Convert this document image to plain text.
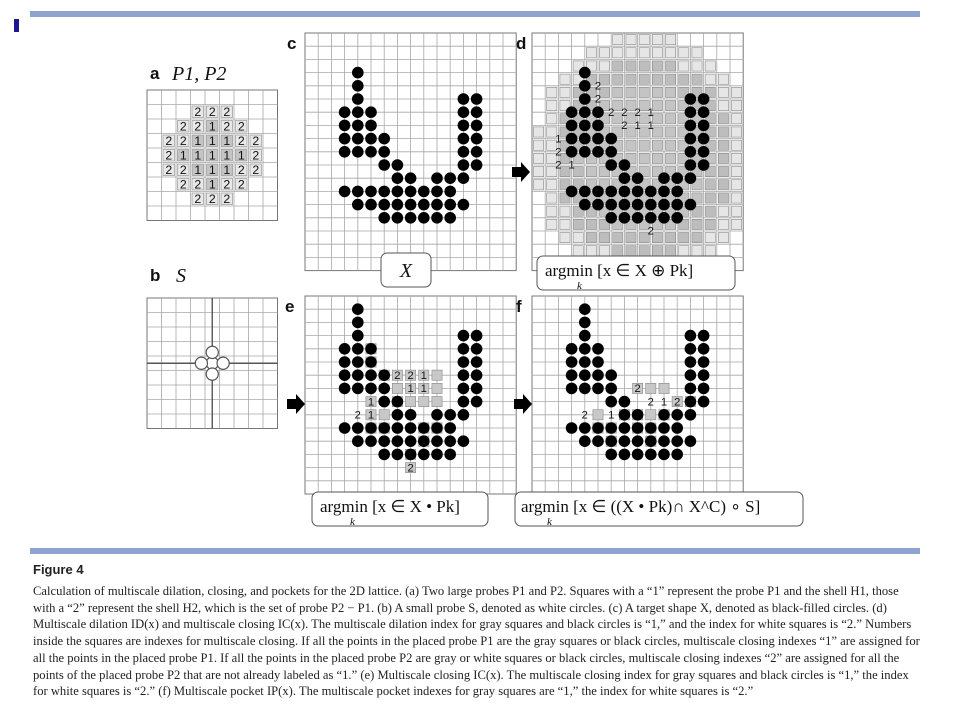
2 2 2
2 2 1 2 2
2 2 1 1 1 2 2
2 1 1 1 1 1 2
2 2 1 1 1 2 2
2 2 1 2 2
2 2 2
2
2
2 2 2 1
2 1 1
1
2
2 1
2
2 2 1
1 1
1
2 1
2
2
2 1 2
2 1
a P1, P2
b S
c	d
e	f
X	argmin [x ∈ X ⊕ Pk]
k
argmin [x ∈ X • Pk]
k
argmin [x ∈ ((X • Pk)∩ X^C) ∘ S]
k
Figure 4
Calculation of multiscale dilation, closing, and pockets for the 2D lattice. (a) Two large probes P1 and P2. Squares with a “1” represent the probe P1 and the shell H1, those with a “2” represent the shell H2, which is the set of probe P2 − P1. (b) A small probe S, denoted as white circles. (c) A target shape X, denoted as black-filled circles. (d) Multiscale dilation ID(x) and multiscale closing IC(x). The multiscale dilation index for gray squares and black circles is “1,” and the index for white squares is “2.” Numbers inside the squares are indexes for multiscale closing. If all the points in the placed probe P1 are the gray squares or black circles, multiscale closing indexes “1” are assigned for all the points in the placed probe P1. If all the points in the placed probe P2 are gray or white squares or black circles, multiscale closing indexes “2” are assigned for all the points of the placed probe P2 that are not already labeled as “1.” (e) Multiscale closing IC(x). The multiscale closing index for gray squares and black circles is “1,” the index for white squares is “2.” (f) Multiscale pocket IP(x). The multiscale pocket indexes for gray squares are “1,” the index for white squares is “2.”
